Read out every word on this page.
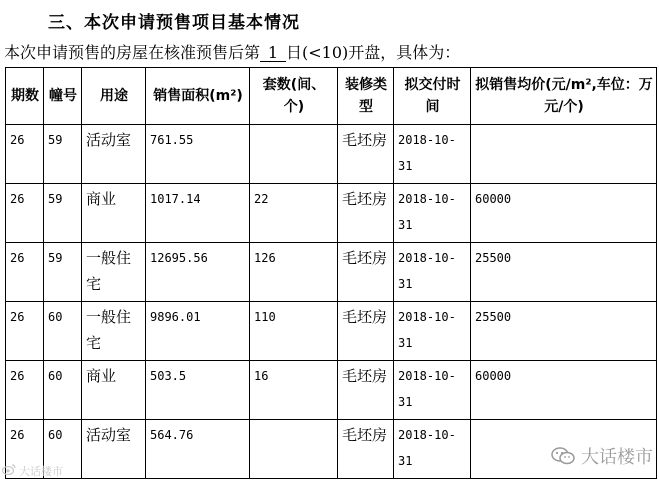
三、本次申请预售项目基本情况
本次申请预售的房屋在核准预售后第 1 日(<10)开盘，具体为：
期数	幢号	用途	销售面积(m²)	套数(间、个)	装修类型	拟交付时间	拟销售均价(元/m²,车位：万元/个)
26	59	活动室	761.55		毛坯房	2018-10-31	
26	59	商业	1017.14	22	毛坯房	2018-10-31	60000
26	59	一般住宅	12695.56	126	毛坯房	2018-10-31	25500
26	60	一般住宅	9896.01	110	毛坯房	2018-10-31	25500
26	60	商业	503.5	16	毛坯房	2018-10-31	60000
26	60	活动室	564.76		毛坯房	2018-10-31		大话楼市
大话楼市
